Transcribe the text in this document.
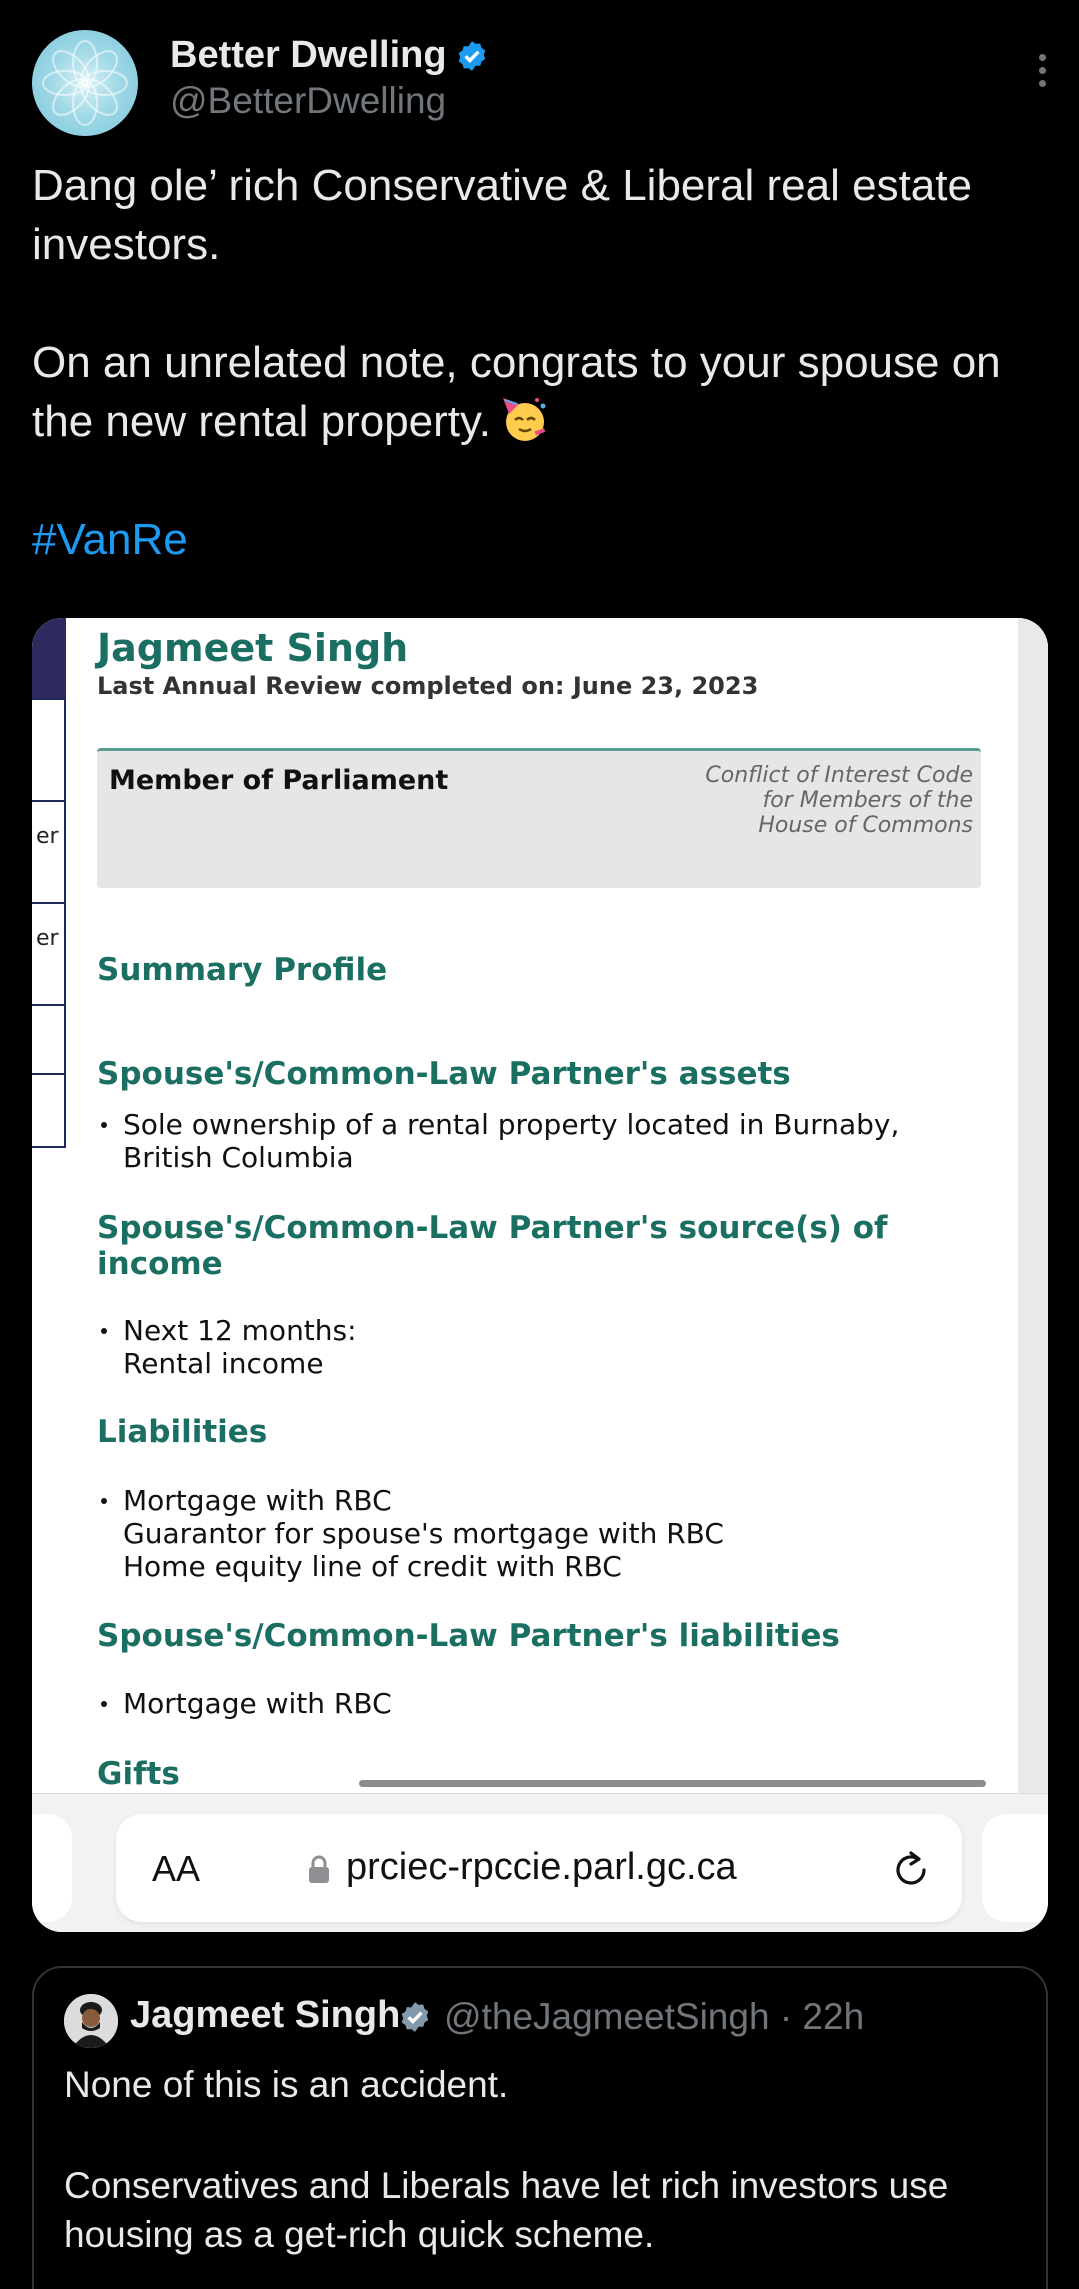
Better Dwelling
@BetterDwelling

Dang ole’ rich Conservative & Liberal real estate investors.

On an unrelated note, congrats to your spouse on the new rental property.

#VanRe

er
er
Jagmeet Singh
Last Annual Review completed on: June 23, 2023
Member of Parliament	Conflict of Interest Code for Members of the House of Commons
Summary Profile
Spouse's/Common-Law Partner's assets
Sole ownership of a rental property located in Burnaby,
British Columbia
Spouse's/Common-Law Partner's source(s) of income
Next 12 months:
Rental income
Liabilities
Mortgage with RBC
Guarantor for spouse's mortgage with RBC
Home equity line of credit with RBC
Spouse's/Common-Law Partner's liabilities
Mortgage with RBC
Gifts
AA	prciec-rpccie.parl.gc.ca
Jagmeet Singh @theJagmeetSingh · 22h

None of this is an accident.

Conservatives and Liberals have let rich investors use housing as a get-rich quick scheme.
